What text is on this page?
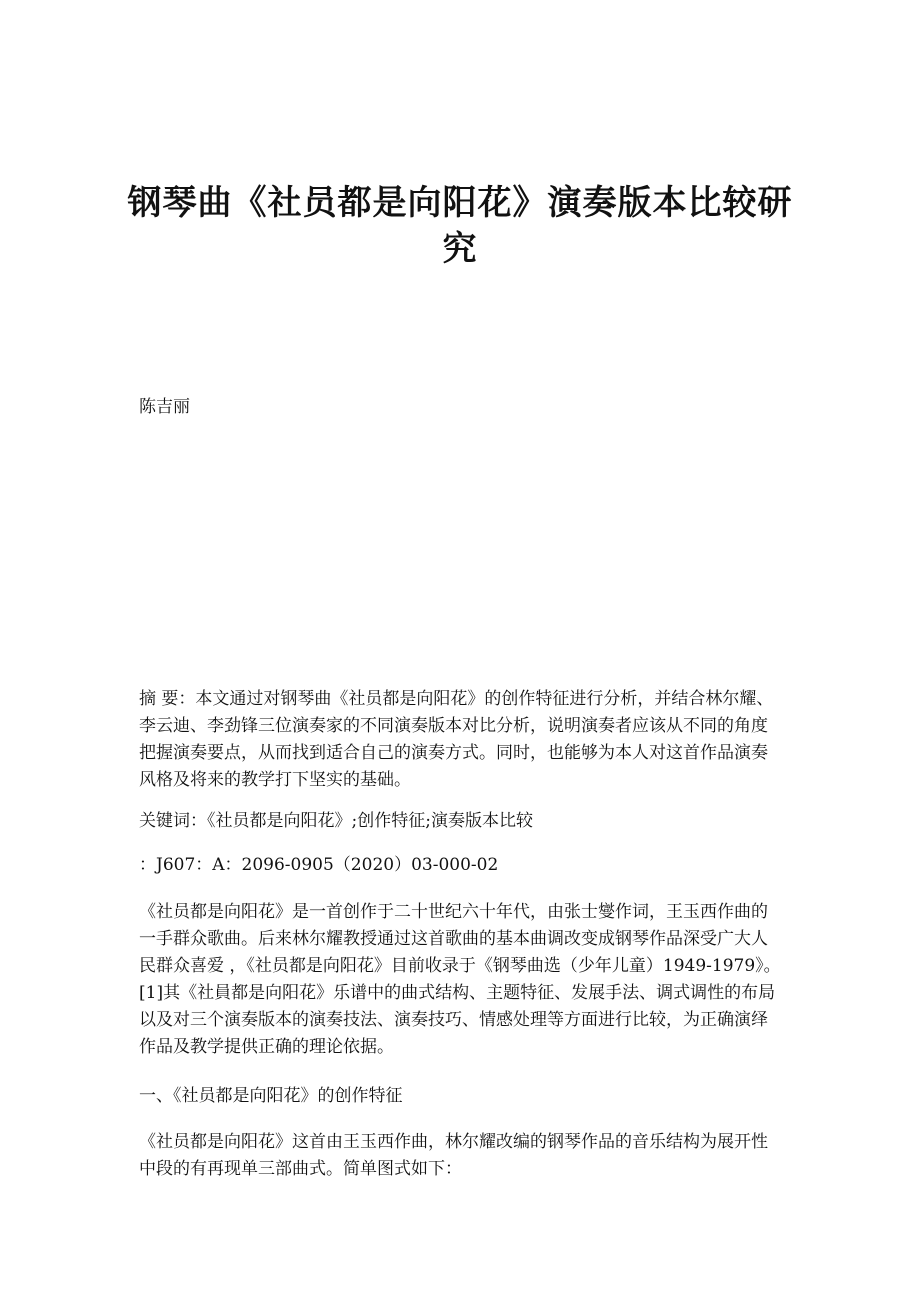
钢琴曲《社员都是向阳花》演奏版本比较研究
陈吉丽

摘 要：本文通过对钢琴曲《社员都是向阳花》的创作特征进行分析，并结合林尔耀、李云迪、李劲锋三位演奏家的不同演奏版本对比分析，说明演奏者应该从不同的角度把握演奏要点，从而找到适合自己的演奏方式。同时，也能够为本人对这首作品演奏风格及将来的教学打下坚实的基础。

关键词：《社员都是向阳花》;创作特征;演奏版本比较

：J607：A：2096-0905（2020）03-000-02

《社员都是向阳花》是一首创作于二十世纪六十年代，由张士燮作词，王玉西作曲的一手群众歌曲。后来林尔耀教授通过这首歌曲的基本曲调改变成钢琴作品深受广大人民群众喜爱 ，《社员都是向阳花》目前收录于《钢琴曲选（少年儿童）1949-1979》。[1]其《社員都是向阳花》乐谱中的曲式结构、主题特征、发展手法、调式调性的布局以及对三个演奏版本的演奏技法、演奏技巧、情感处理等方面进行比较，为正确演绎作品及教学提供正确的理论依据。

一、《社员都是向阳花》的创作特征

《社员都是向阳花》这首由王玉西作曲，林尔耀改编的钢琴作品的音乐结构为展开性中段的有再现单三部曲式。简单图式如下：
